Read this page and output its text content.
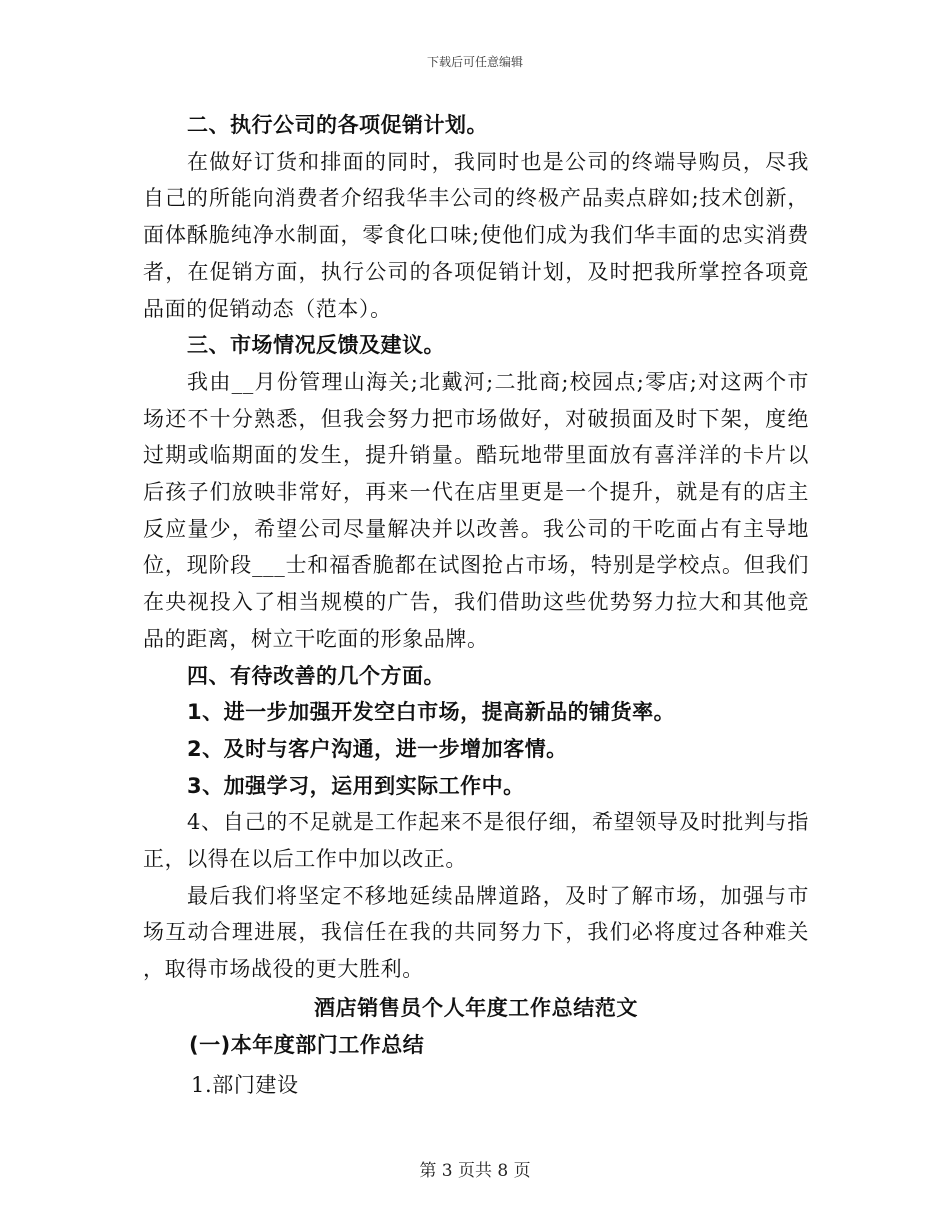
下载后可任意编辑

二、执行公司的各项促销计划。

在做好订货和排面的同时，我同时也是公司的终端导购员，尽我自己的所能向消费者介绍我华丰公司的终极产品卖点辟如;技术创新，面体酥脆纯净水制面，零食化口味;使他们成为我们华丰面的忠实消费者，在促销方面，执行公司的各项促销计划，及时把我所掌控各项竟品面的促销动态（范本）。

三、市场情况反馈及建议。

我由__月份管理山海关;北戴河;二批商;校园点;零店;对这两个市场还不十分熟悉，但我会努力把市场做好，对破损面及时下架，度绝过期或临期面的发生，提升销量。酷玩地带里面放有喜洋洋的卡片以后孩子们放映非常好，再来一代在店里更是一个提升，就是有的店主反应量少，希望公司尽量解决并以改善。我公司的干吃面占有主导地位，现阶段___士和福香脆都在试图抢占市场，特别是学校点。但我们在央视投入了相当规模的广告，我们借助这些优势努力拉大和其他竞品的距离，树立干吃面的形象品牌。

四、有待改善的几个方面。

1、进一步加强开发空白市场，提高新品的铺货率。

2、及时与客户沟通，进一步增加客情。

3、加强学习，运用到实际工作中。

4、自己的不足就是工作起来不是很仔细，希望领导及时批判与指正，以得在以后工作中加以改正。

最后我们将坚定不移地延续品牌道路，及时了解市场，加强与市场互动合理进展，我信任在我的共同努力下，我们必将度过各种难关，取得市场战役的更大胜利。

酒店销售员个人年度工作总结范文

(一)本年度部门工作总结

1.部门建设

第 3 页共 8 页
